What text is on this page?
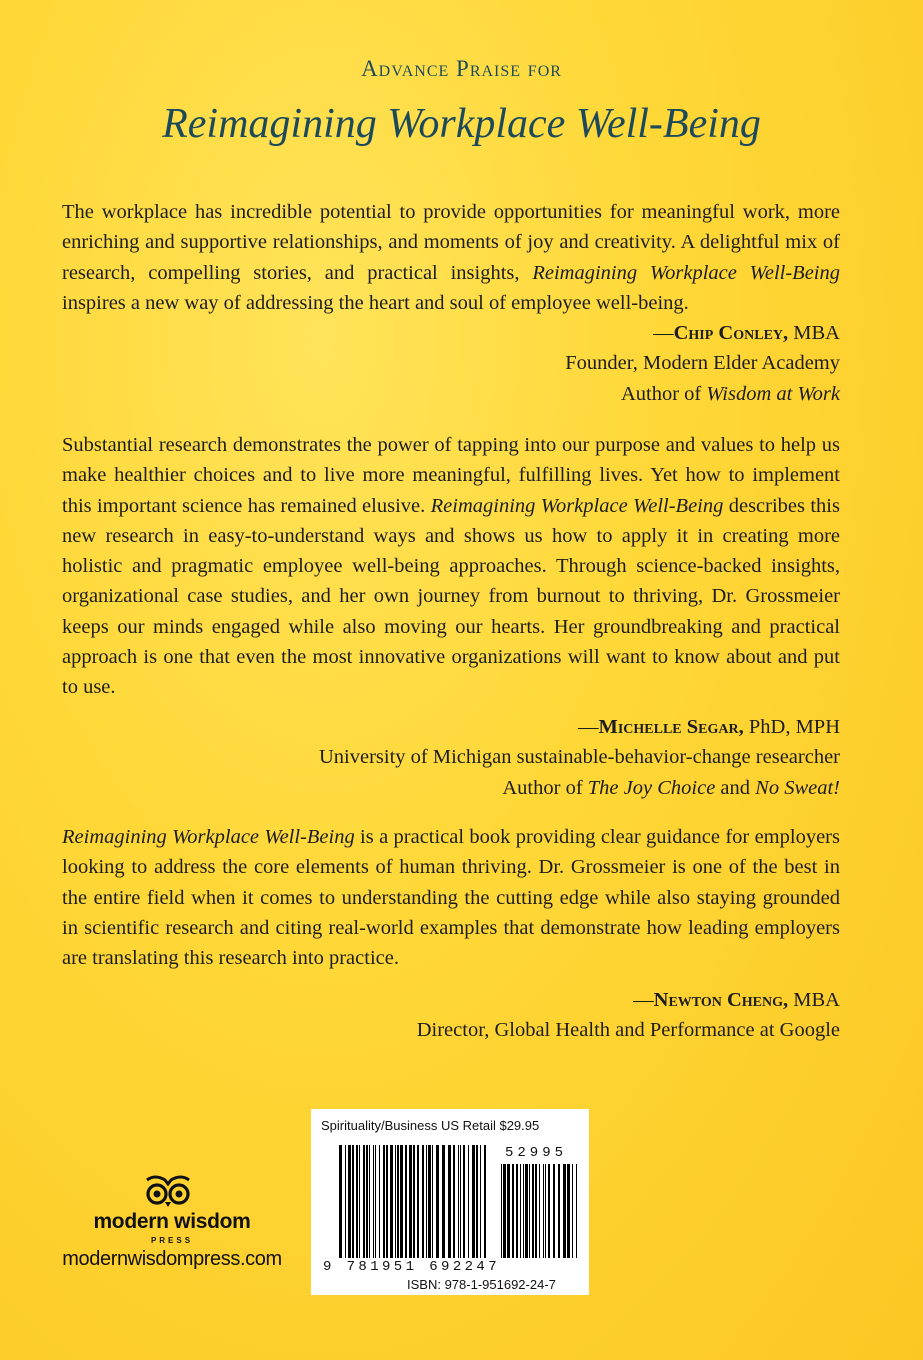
Advance Praise for
Reimagining Workplace Well-Being
The workplace has incredible potential to provide opportunities for meaningful work, more enriching and supportive relationships, and moments of joy and creativity. A delightful mix of research, compelling stories, and practical insights, Reimagining Workplace Well-Being inspires a new way of addressing the heart and soul of employee well-being.
—Chip Conley, MBA
Founder, Modern Elder Academy
Author of Wisdom at Work
Substantial research demonstrates the power of tapping into our purpose and values to help us make healthier choices and to live more meaningful, fulfilling lives. Yet how to implement this important science has remained elusive. Reimagining Workplace Well-Being describes this new research in easy-to-understand ways and shows us how to apply it in creating more holistic and pragmatic employee well-being approaches. Through science-backed insights, organizational case studies, and her own journey from burnout to thriving, Dr. Grossmeier keeps our minds engaged while also moving our hearts. Her groundbreaking and practical approach is one that even the most innovative organizations will want to know about and put to use.
—Michelle Segar, PhD, MPH
University of Michigan sustainable-behavior-change researcher
Author of The Joy Choice and No Sweat!
Reimagining Workplace Well-Being is a practical book providing clear guidance for employers looking to address the core elements of human thriving. Dr. Grossmeier is one of the best in the entire field when it comes to understanding the cutting edge while also staying grounded in scientific research and citing real-world examples that demonstrate how leading employers are translating this research into practice.
—Newton Cheng, MBA
Director, Global Health and Performance at Google
modern wisdom
PRESS
modernwisdompress.com
Spirituality/Business US Retail $29.95
52995
9 781951 692247
ISBN: 978-1-951692-24-7
